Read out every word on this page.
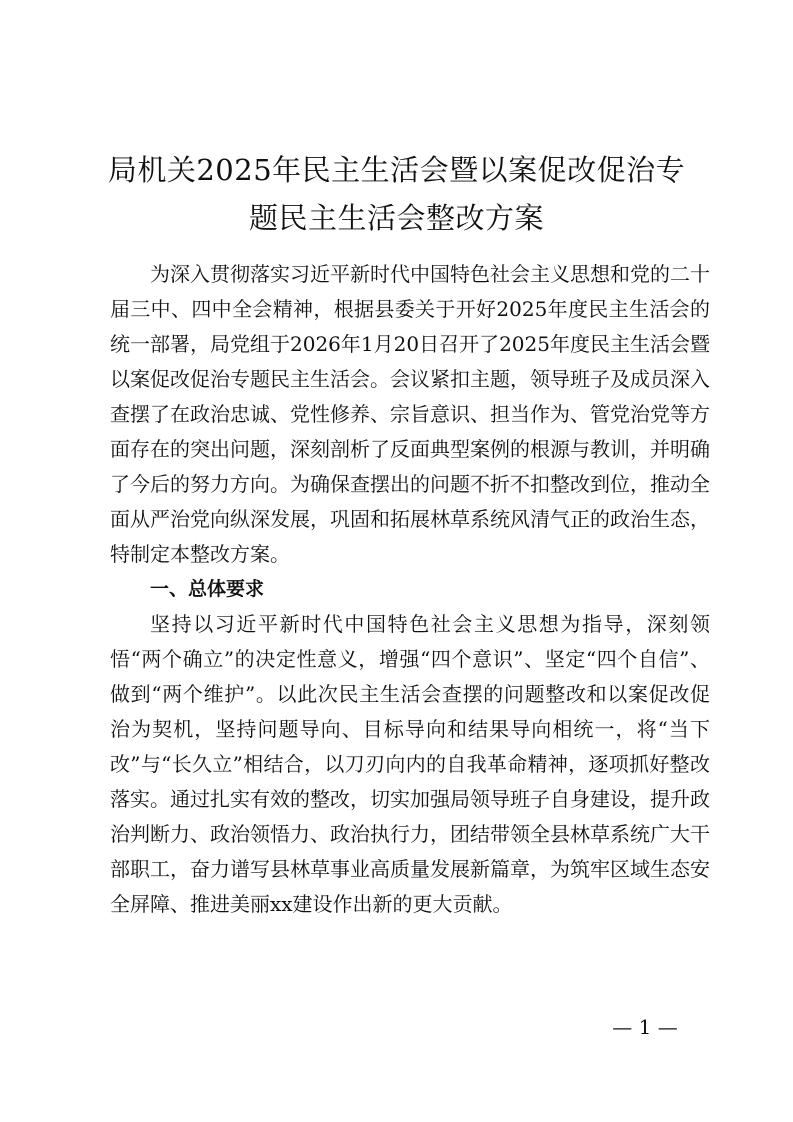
局机关2025年民主生活会暨以案促改促治专
题民主生活会整改方案

为深入贯彻落实习近平新时代中国特色社会主义思想和党的二十届三中、四中全会精神，根据县委关于开好2025年度民主生活会的统一部署，局党组于2026年1月20日召开了2025年度民主生活会暨以案促改促治专题民主生活会。会议紧扣主题，领导班子及成员深入查摆了在政治忠诚、党性修养、宗旨意识、担当作为、管党治党等方面存在的突出问题，深刻剖析了反面典型案例的根源与教训，并明确了今后的努力方向。为确保查摆出的问题不折不扣整改到位，推动全面从严治党向纵深发展，巩固和拓展林草系统风清气正的政治生态，特制定本整改方案。

一、总体要求

坚持以习近平新时代中国特色社会主义思想为指导，深刻领悟“两个确立”的决定性意义，增强“四个意识”、坚定“四个自信”、做到“两个维护”。以此次民主生活会查摆的问题整改和以案促改促治为契机，坚持问题导向、目标导向和结果导向相统一，将“当下改”与“长久立”相结合，以刀刃向内的自我革命精神，逐项抓好整改落实。通过扎实有效的整改，切实加强局领导班子自身建设，提升政治判断力、政治领悟力、政治执行力，团结带领全县林草系统广大干部职工，奋力谱写县林草事业高质量发展新篇章，为筑牢区域生态安全屏障、推进美丽xx建设作出新的更大贡献。

— 1 —
